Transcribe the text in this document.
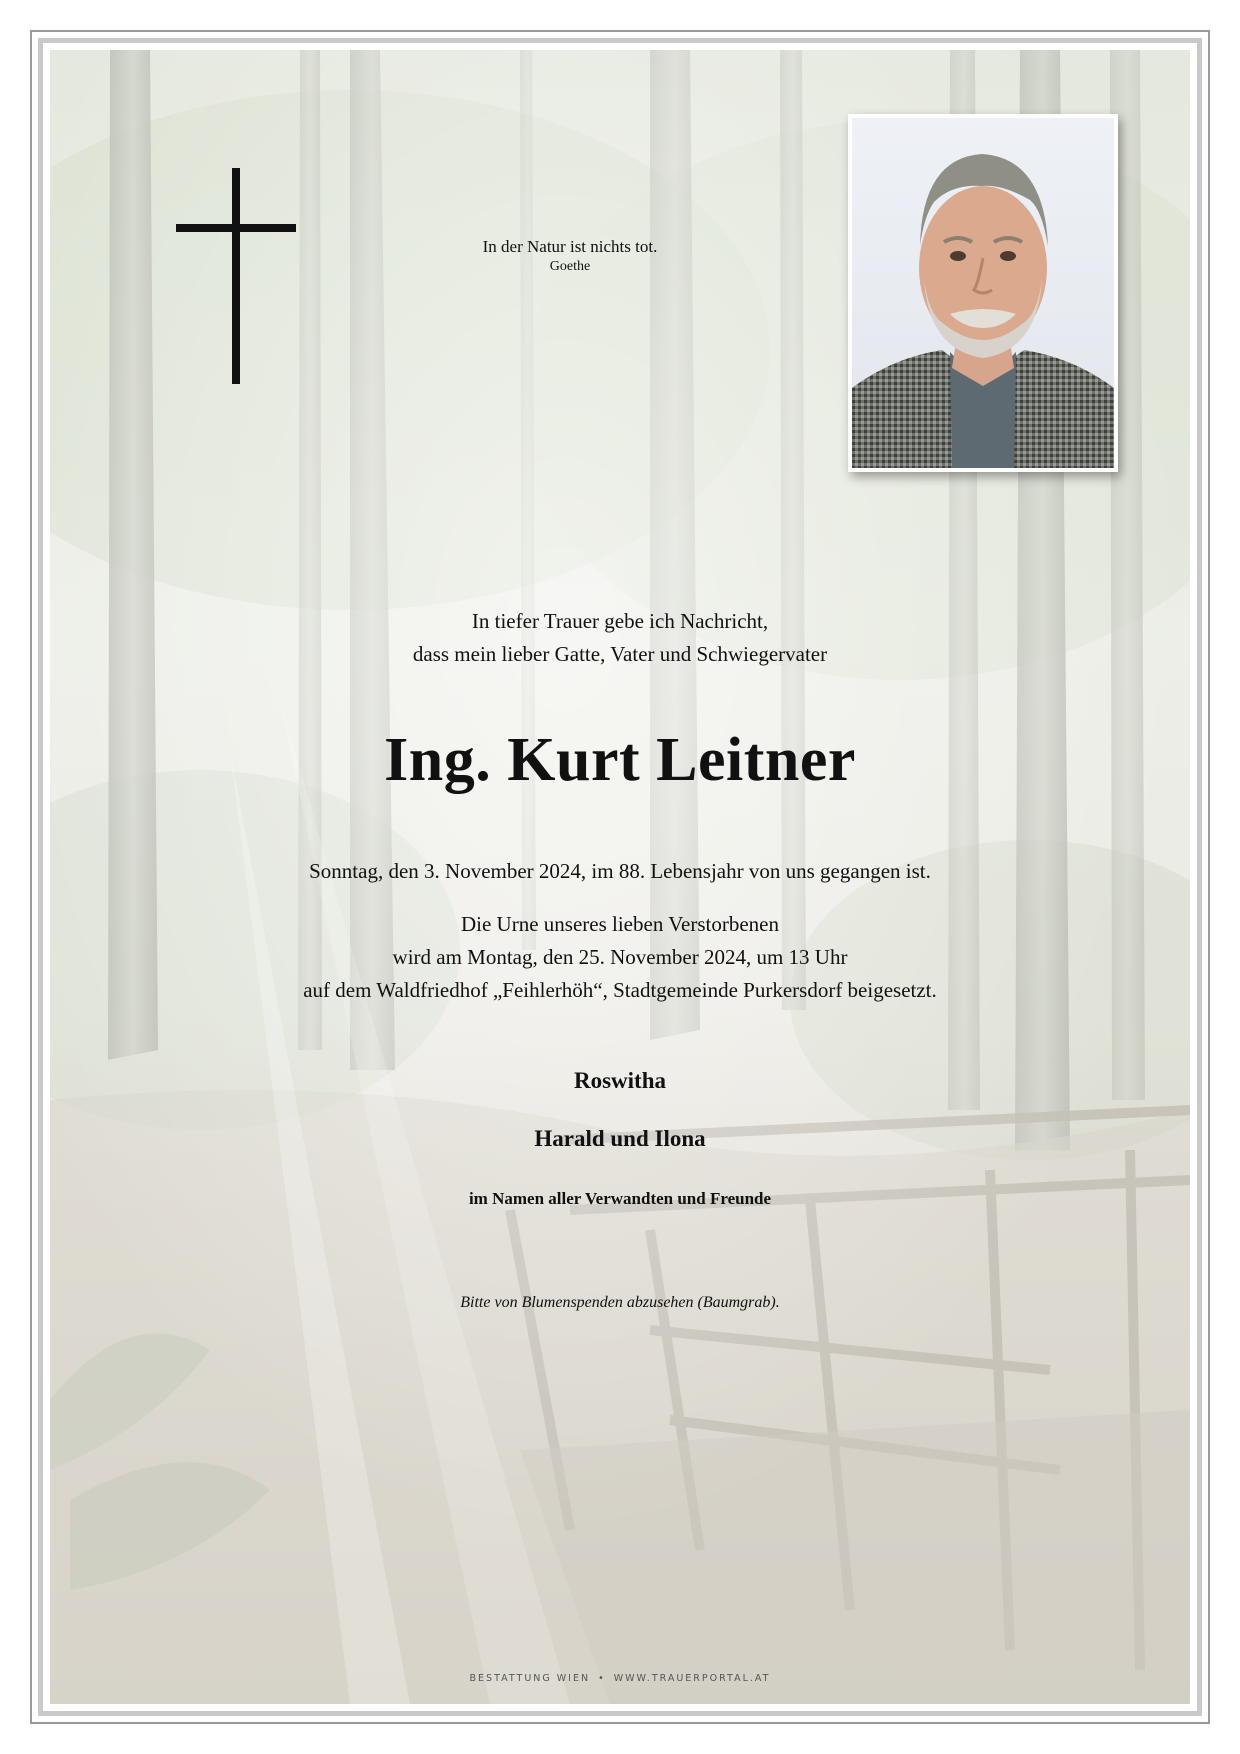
In der Natur ist nichts tot.
Goethe
In tiefer Trauer gebe ich Nachricht,
dass mein lieber Gatte, Vater und Schwiegervater
Ing. Kurt Leitner
Sonntag, den 3. November 2024, im 88. Lebensjahr von uns gegangen ist.
Die Urne unseres lieben Verstorbenen
wird am Montag, den 25. November 2024, um 13 Uhr
auf dem Waldfriedhof „Feihlerhöh“, Stadtgemeinde Purkersdorf beigesetzt.
Roswitha
Harald und Ilona
im Namen aller Verwandten und Freunde
Bitte von Blumenspenden abzusehen (Baumgrab).
BESTATTUNG WIEN • WWW.TRAUERPORTAL.AT
